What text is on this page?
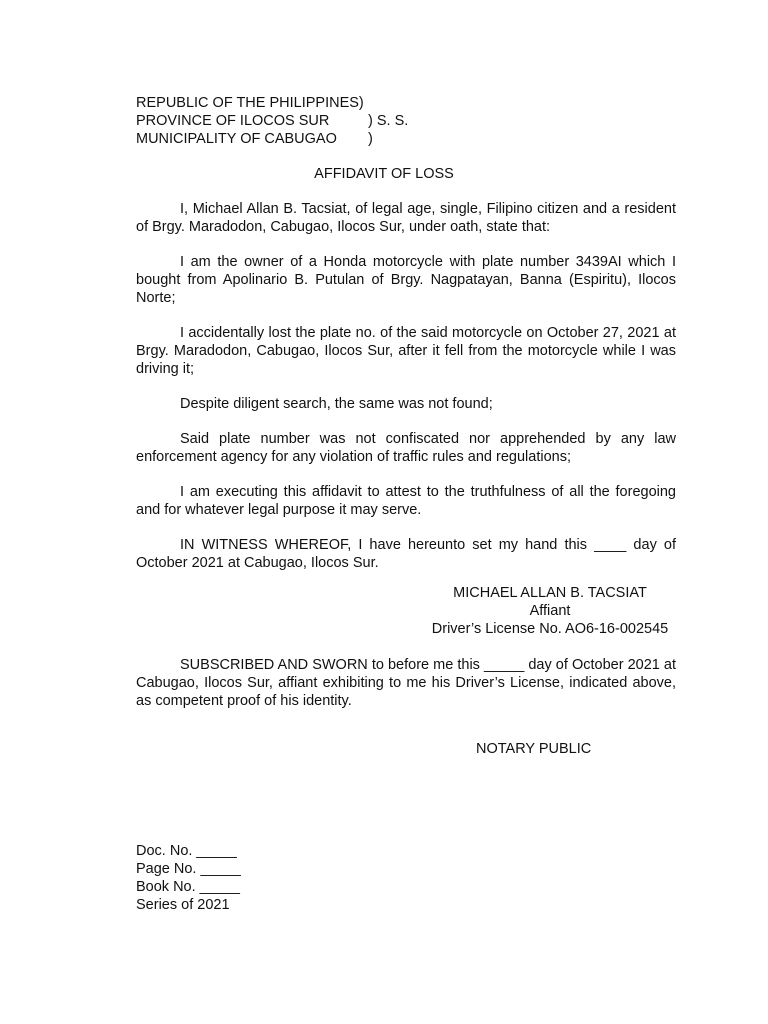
REPUBLIC OF THE PHILIPPINES)
PROVINCE OF ILOCOS SUR	) S. S.
MUNICIPALITY OF CABUGAO	)
AFFIDAVIT OF LOSS

I, Michael Allan B. Tacsiat, of legal age, single, Filipino citizen and a resident of Brgy. Maradodon, Cabugao, Ilocos Sur, under oath, state that:

I am the owner of a Honda motorcycle with plate number 3439AI which I bought from Apolinario B. Putulan of Brgy. Nagpatayan, Banna (Espiritu), Ilocos Norte;

I accidentally lost the plate no. of the said motorcycle on October 27, 2021 at Brgy. Maradodon, Cabugao, Ilocos Sur, after it fell from the motorcycle while I was driving it;

Despite diligent search, the same was not found;

Said plate number was not confiscated nor apprehended by any law enforcement agency for any violation of traffic rules and regulations;

I am executing this affidavit to attest to the truthfulness of all the foregoing and for whatever legal purpose it may serve.

IN WITNESS WHEREOF, I have hereunto set my hand this ____ day of October 2021 at Cabugao, Ilocos Sur.

MICHAEL ALLAN B. TACSIAT
Affiant
Driver’s License No. AO6-16-002545

SUBSCRIBED AND SWORN to before me this _____ day of October 2021 at Cabugao, Ilocos Sur, affiant exhibiting to me his Driver’s License, indicated above, as competent proof of his identity.

NOTARY PUBLIC
Doc. No. _____
Page No. _____
Book No. _____
Series of 2021
